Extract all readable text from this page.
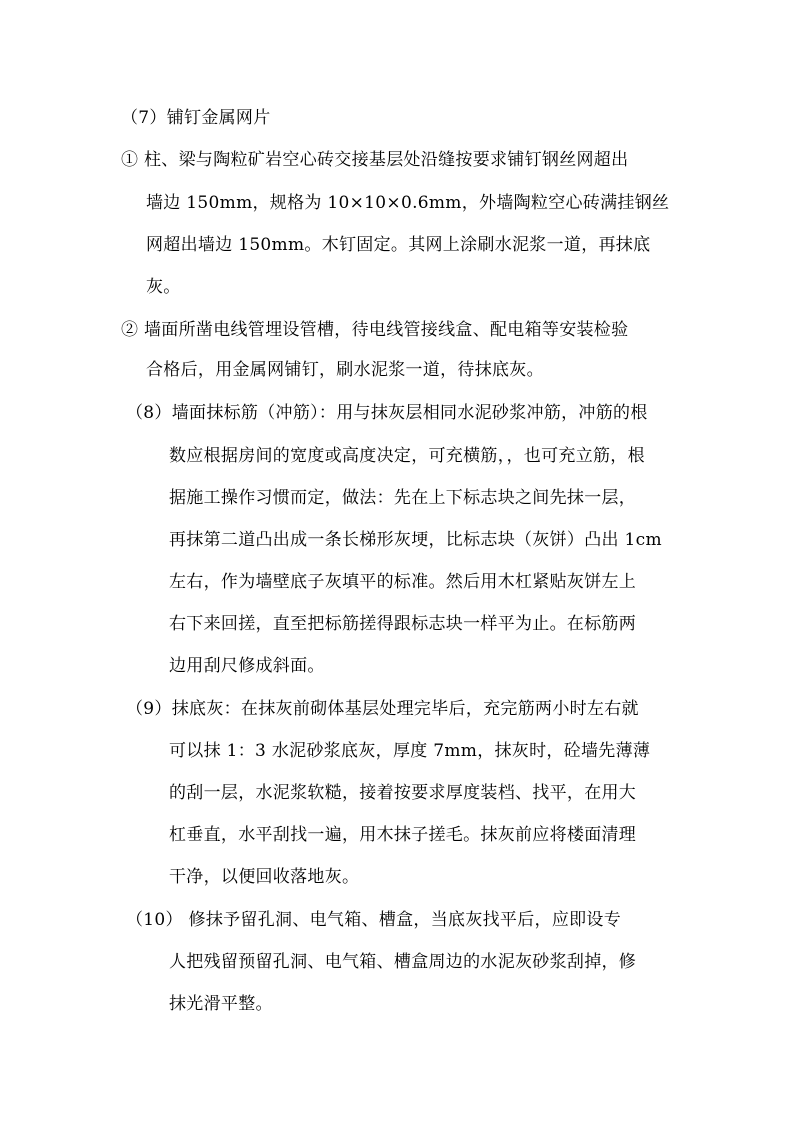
（7）铺钉金属网片
① 柱、梁与陶粒矿岩空心砖交接基层处沿缝按要求铺钉钢丝网超出
墙边 150mm，规格为 10×10×0.6mm，外墙陶粒空心砖满挂钢丝
网超出墙边 150mm。木钉固定。其网上涂刷水泥浆一道，再抹底
灰。
② 墙面所凿电线管埋设管槽，待电线管接线盒、配电箱等安装检验
合格后，用金属网铺钉，刷水泥浆一道，待抹底灰。
（8）墙面抹标筋（冲筋）：用与抹灰层相同水泥砂浆冲筋，冲筋的根
数应根据房间的宽度或高度决定，可充横筋，，也可充立筋，根
据施工操作习惯而定，做法：先在上下标志块之间先抹一层，
再抹第二道凸出成一条长梯形灰埂，比标志块（灰饼）凸出 1cm
左右，作为墙壁底子灰填平的标准。然后用木杠紧贴灰饼左上
右下来回搓，直至把标筋搓得跟标志块一样平为止。在标筋两
边用刮尺修成斜面。
（9）抹底灰：在抹灰前砌体基层处理完毕后，充完筋两小时左右就
可以抹 1：3 水泥砂浆底灰，厚度 7mm，抹灰时，砼墙先薄薄
的刮一层，水泥浆软糙，接着按要求厚度装档、找平，在用大
杠垂直，水平刮找一遍，用木抹子搓毛。抹灰前应将楼面清理
干净，以便回收落地灰。
（10） 修抹予留孔洞、电气箱、槽盒，当底灰找平后，应即设专
人把残留预留孔洞、电气箱、槽盒周边的水泥灰砂浆刮掉，修
抹光滑平整。
